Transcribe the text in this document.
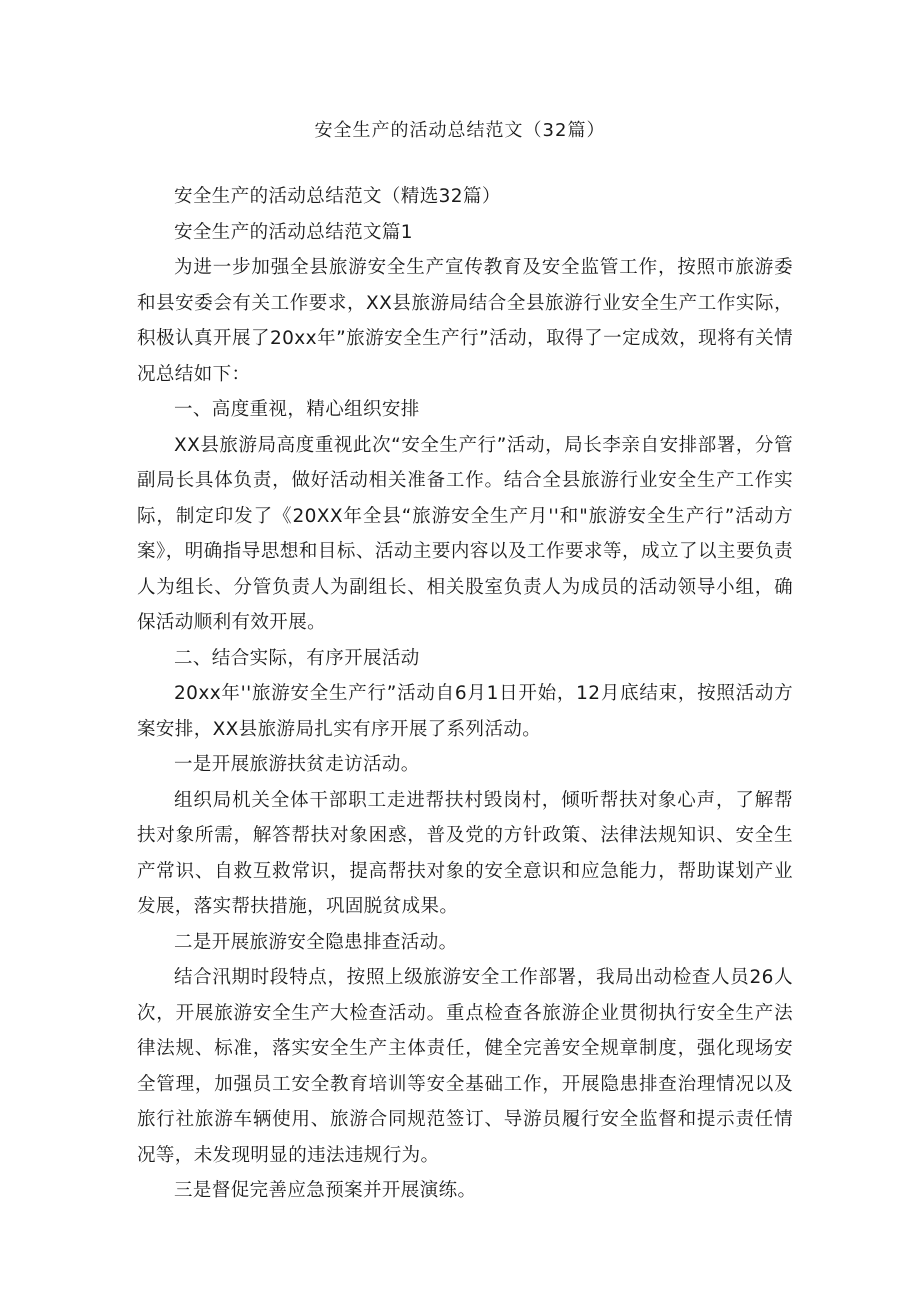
安全生产的活动总结范文（32篇）

安全生产的活动总结范文（精选32篇）

安全生产的活动总结范文篇1

为进一步加强全县旅游安全生产宣传教育及安全监管工作，按照市旅游委和县安委会有关工作要求，XX县旅游局结合全县旅游行业安全生产工作实际，积极认真开展了20xx年”旅游安全生产行”活动，取得了一定成效，现将有关情况总结如下：

一、高度重视，精心组织安排

XX县旅游局高度重视此次“安全生产行”活动，局长李亲自安排部署，分管副局长具体负责，做好活动相关准备工作。结合全县旅游行业安全生产工作实际，制定印发了《20XX年全县“旅游安全生产月''和"旅游安全生产行”活动方案》，明确指导思想和目标、活动主要内容以及工作要求等，成立了以主要负责人为组长、分管负责人为副组长、相关股室负责人为成员的活动领导小组，确保活动顺利有效开展。

二、结合实际，有序开展活动

20xx年''旅游安全生产行”活动自6月1日开始，12月底结束，按照活动方案安排，XX县旅游局扎实有序开展了系列活动。

一是开展旅游扶贫走访活动。

组织局机关全体干部职工走进帮扶村毁岗村，倾听帮扶对象心声，了解帮扶对象所需，解答帮扶对象困惑，普及党的方针政策、法律法规知识、安全生产常识、自救互救常识，提高帮扶对象的安全意识和应急能力，帮助谋划产业发展，落实帮扶措施，巩固脱贫成果。

二是开展旅游安全隐患排查活动。

结合汛期时段特点，按照上级旅游安全工作部署，我局出动检查人员26人次，开展旅游安全生产大检查活动。重点检查各旅游企业贯彻执行安全生产法律法规、标准，落实安全生产主体责任，健全完善安全规章制度，强化现场安全管理，加强员工安全教育培训等安全基础工作，开展隐患排查治理情况以及旅行社旅游车辆使用、旅游合同规范签订、导游员履行安全监督和提示责任情况等，未发现明显的违法违规行为。

三是督促完善应急预案并开展演练。
